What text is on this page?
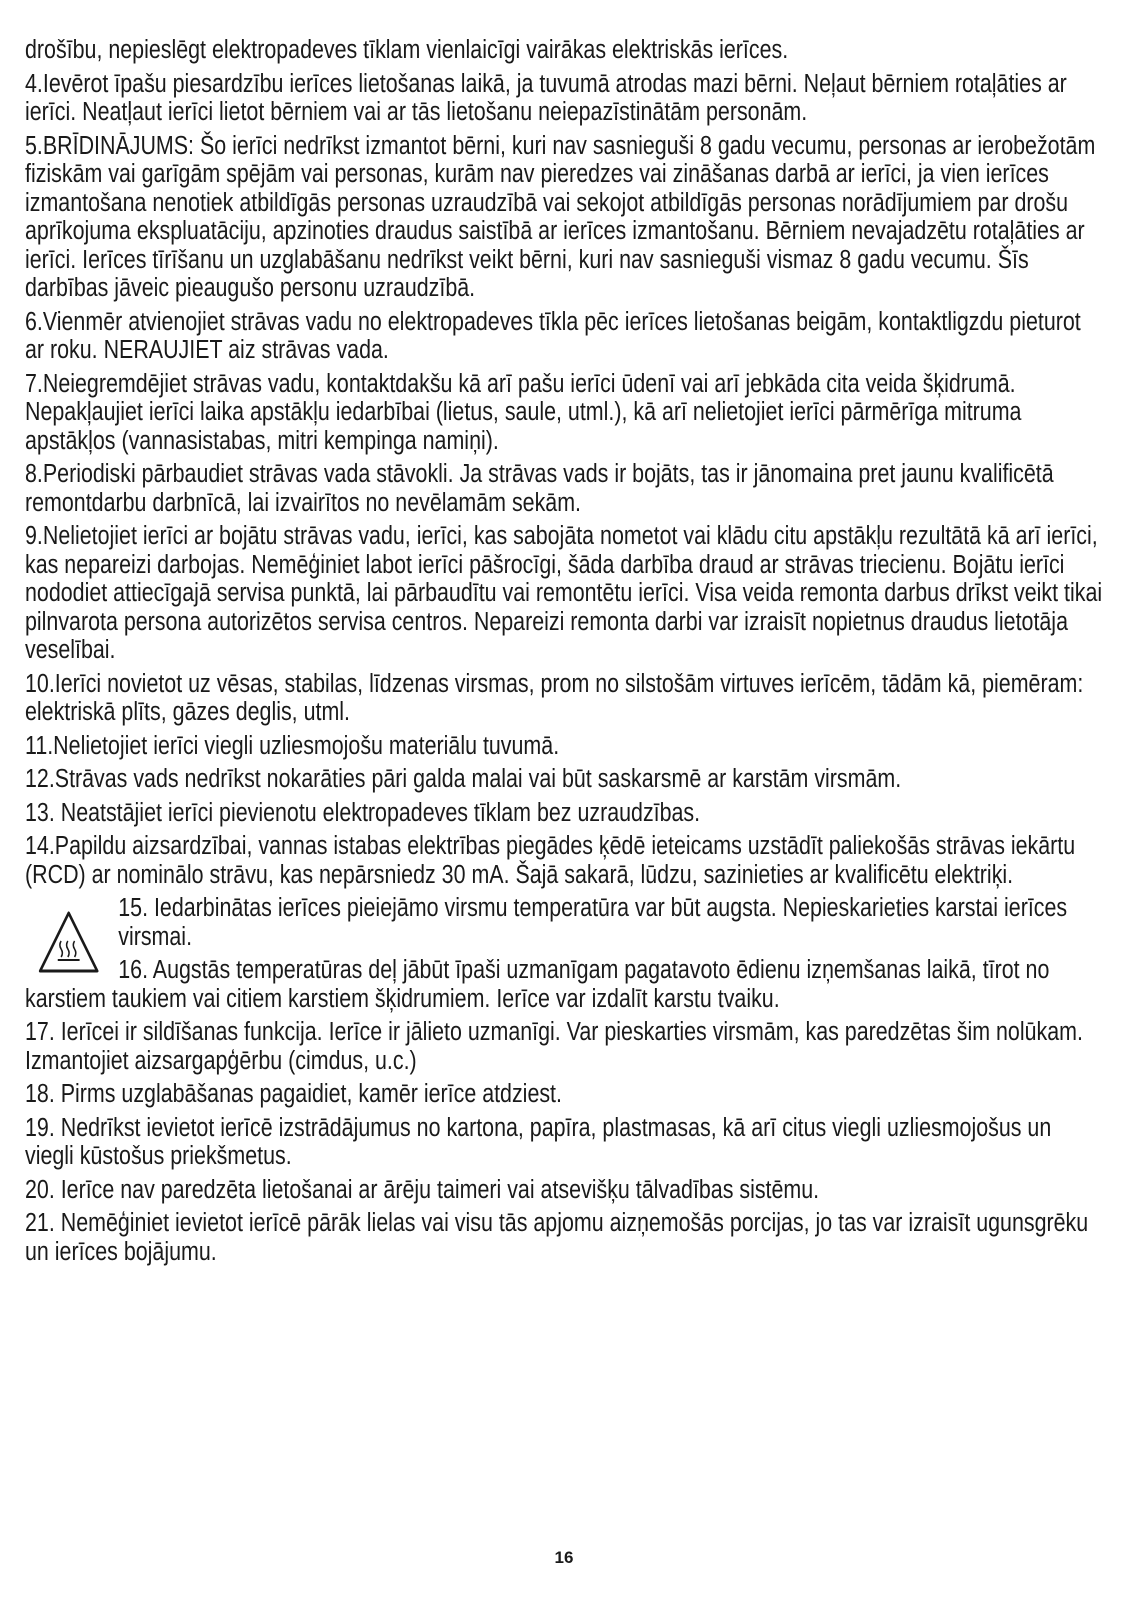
drošību, nepieslēgt elektropadeves tīklam vienlaicīgi vairākas elektriskās ierīces.

4.Ievērot īpašu piesardzību ierīces lietošanas laikā, ja tuvumā atrodas mazi bērni. Neļaut bērniem rotaļāties ar ierīci. Neatļaut ierīci lietot bērniem vai ar tās lietošanu neiepazīstinātām personām.

5.BRĪDINĀJUMS: Šo ierīci nedrīkst izmantot bērni, kuri nav sasnieguši 8 gadu vecumu, personas ar ierobežotām fiziskām vai garīgām spējām vai personas, kurām nav pieredzes vai zināšanas darbā ar ierīci, ja vien ierīces izmantošana nenotiek atbildīgās personas uzraudzībā vai sekojot atbildīgās personas norādījumiem par drošu aprīkojuma ekspluatāciju, apzinoties draudus saistībā ar ierīces izmantošanu. Bērniem nevajadzētu rotaļāties ar ierīci. Ierīces tīrīšanu un uzglabāšanu nedrīkst veikt bērni, kuri nav sasnieguši vismaz 8 gadu vecumu. Šīs darbības jāveic pieaugušo personu uzraudzībā.

6.Vienmēr atvienojiet strāvas vadu no elektropadeves tīkla pēc ierīces lietošanas beigām, kontaktligzdu pieturot ar roku. NERAUJIET aiz strāvas vada.

7.Neiegremdējiet strāvas vadu, kontaktdakšu kā arī pašu ierīci ūdenī vai arī jebkāda cita veida šķidrumā. Nepakļaujiet ierīci laika apstākļu iedarbībai (lietus, saule, utml.), kā arī nelietojiet ierīci pārmērīga mitruma apstākļos (vannasistabas, mitri kempinga namiņi).

8.Periodiski pārbaudiet strāvas vada stāvokli. Ja strāvas vads ir bojāts, tas ir jānomaina pret jaunu kvalificētā remontdarbu darbnīcā, lai izvairītos no nevēlamām sekām.

9.Nelietojiet ierīci ar bojātu strāvas vadu, ierīci, kas sabojāta nometot vai klādu citu apstākļu rezultātā kā arī ierīci, kas nepareizi darbojas. Nemēģiniet labot ierīci pāšrocīgi, šāda darbība draud ar strāvas triecienu. Bojātu ierīci nododiet attiecīgajā servisa punktā, lai pārbaudītu vai remontētu ierīci. Visa veida remonta darbus drīkst veikt tikai pilnvarota persona autorizētos servisa centros. Nepareizi remonta darbi var izraisīt nopietnus draudus lietotāja veselībai.

10.Ierīci novietot uz vēsas, stabilas, līdzenas virsmas, prom no silstošām virtuves ierīcēm, tādām kā, piemēram: elektriskā plīts, gāzes deglis, utml.

11.Nelietojiet ierīci viegli uzliesmojošu materiālu tuvumā.

12.Strāvas vads nedrīkst nokarāties pāri galda malai vai būt saskarsmē ar karstām virsmām.

13. Neatstājiet ierīci pievienotu elektropadeves tīklam bez uzraudzības.

14.Papildu aizsardzībai, vannas istabas elektrības piegādes ķēdē ieteicams uzstādīt paliekošās strāvas iekārtu (RCD) ar nominālo strāvu, kas nepārsniedz 30 mA. Šajā sakarā, lūdzu, sazinieties ar kvalificētu elektriķi.

15. Iedarbinātas ierīces pieiejāmo virsmu temperatūra var būt augsta. Nepieskarieties karstai ierīces virsmai.

16. Augstās temperatūras deļ jābūt īpaši uzmanīgam pagatavoto ēdienu izņemšanas laikā, tīrot no karstiem taukiem vai citiem karstiem šķidrumiem. Ierīce var izdalīt karstu tvaiku.

17. Ierīcei ir sildīšanas funkcija. Ierīce ir jālieto uzmanīgi. Var pieskarties virsmām, kas paredzētas šim nolūkam. Izmantojiet aizsargapģērbu (cimdus, u.c.)

18. Pirms uzglabāšanas pagaidiet, kamēr ierīce atdziest.

19. Nedrīkst ievietot ierīcē izstrādājumus no kartona, papīra, plastmasas, kā arī citus viegli uzliesmojošus un viegli kūstošus priekšmetus.

20. Ierīce nav paredzēta lietošanai ar ārēju taimeri vai atsevišķu tālvadības sistēmu.

21. Nemēģiniet ievietot ierīcē pārāk lielas vai visu tās apjomu aizņemošās porcijas, jo tas var izraisīt ugunsgrēku un ierīces bojājumu.

16
